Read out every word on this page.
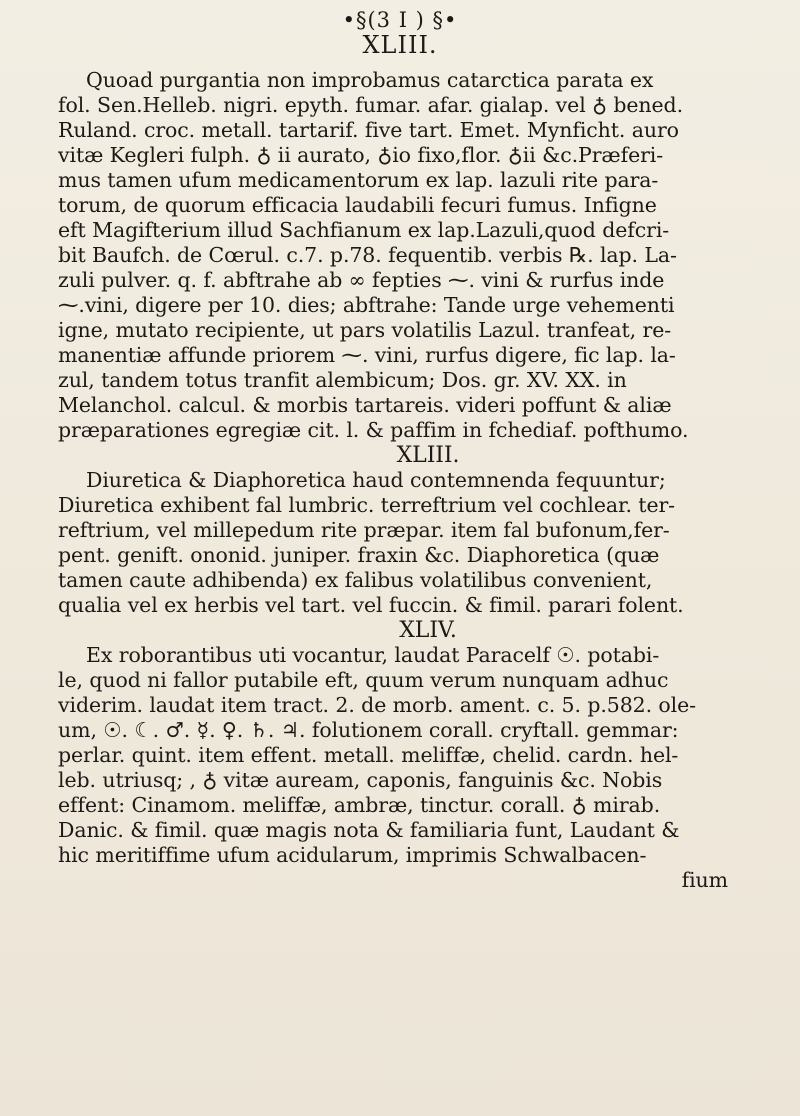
•§(3 I ) §•
XLIII.
Quoad purgantia non improbamus catarctica parata ex
fol. Sen.Helleb. nigri. epyth. fumar. afar. gialap. vel ♁ bened.
Ruland. croc. metall. tartarif. five tart. Emet. Mynficht. auro
vitæ Kegleri fulph. ♁ ii aurato, ♁io fixo,flor. ♁ii &c.Præferi-
mus tamen ufum medicamentorum ex lap. lazuli rite para-
torum, de quorum efficacia laudabili fecuri fumus. Infigne
eft Magifterium illud Sachfianum ex lap.Lazuli,quod defcri-
bit Baufch. de Cœrul. c.7. p.78. fequentib. verbis ℞. lap. La-
zuli pulver. q. f. abftrahe ab ∞ fepties ⁓. vini & rurfus inde
⁓.vini, digere per 10. dies; abftrahe: Tande urge vehementi
igne, mutato recipiente, ut pars volatilis Lazul. tranfeat, re-
manentiæ affunde priorem ⁓. vini, rurfus digere, fic lap. la-
zul, tandem totus tranfit alembicum; Dos. gr. XV. XX. in
Melanchol. calcul. & morbis tartareis. videri poffunt & aliæ
præparationes egregiæ cit. l. & paffim in fchediaf. pofthumo.
XLIII.
Diuretica & Diaphoretica haud contemnenda fequuntur;
Diuretica exhibent fal lumbric. terreftrium vel cochlear. ter-
reftrium, vel millepedum rite præpar. item fal bufonum,fer-
pent. genift. ononid. juniper. fraxin &c. Diaphoretica (quæ
tamen caute adhibenda) ex falibus volatilibus convenient,
qualia vel ex herbis vel tart. vel fuccin. & fimil. parari folent.
XLIV.
Ex roborantibus uti vocantur, laudat Paracelf ☉. potabi-
le, quod ni fallor putabile eft, quum verum nunquam adhuc
viderim. laudat item tract. 2. de morb. ament. c. 5. p.582. ole-
um, ☉. ☾. ♂. ☿. ♀. ♄. ♃. folutionem corall. cryftall. gemmar:
perlar. quint. item effent. metall. meliffæ, chelid. cardn. hel-
leb. utriusq; , ♁ vitæ auream, caponis, fanguinis &c. Nobis
effent: Cinamom. meliffæ, ambræ, tinctur. corall. ♁ mirab.
Danic. & fimil. quæ magis nota & familiaria funt, Laudant &
hic meritiffime ufum acidularum, imprimis Schwalbacen-
fium
